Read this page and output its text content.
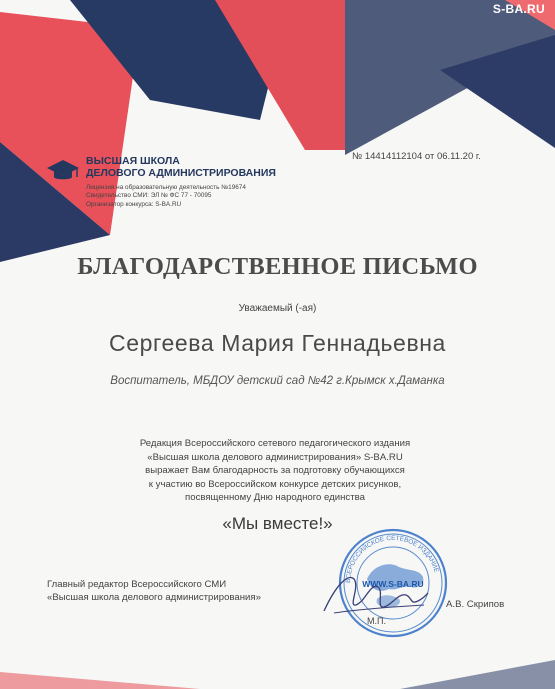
S-BA.RU
ВЫСШАЯ ШКОЛА
ДЕЛОВОГО АДМИНИСТРИРОВАНИЯ
Лицензия на образовательную деятельность №19674
Свидетельство СМИ: ЭЛ № ФС 77 - 70095
Организатор конкурса: S-BA.RU
№ 14414112104 от 06.11.20 г.
БЛАГОДАРСТВЕННОЕ ПИСЬМО
Уважаемый (-ая)
Сергеева Мария Геннадьевна
Воспитатель, МБДОУ детский сад №42 г.Крымск х.Даманка
Редакция Всероссийского сетевого педагогического издания
«Высшая школа делового администрирования» S-BA.RU
выражает Вам благодарность за подготовку обучающихся
к участию во Всероссийском конкурсе детских рисунков,
посвященному Дню народного единства
«Мы вместе!»
Главный редактор Всероссийского СМИ
«Высшая школа делового администрирования»
ВСЕРОССИЙСКОЕ СЕТЕВОЕ ИЗДАНИЕ
WWW.S-BA.RU
А.В. Скрипов
М.П.
